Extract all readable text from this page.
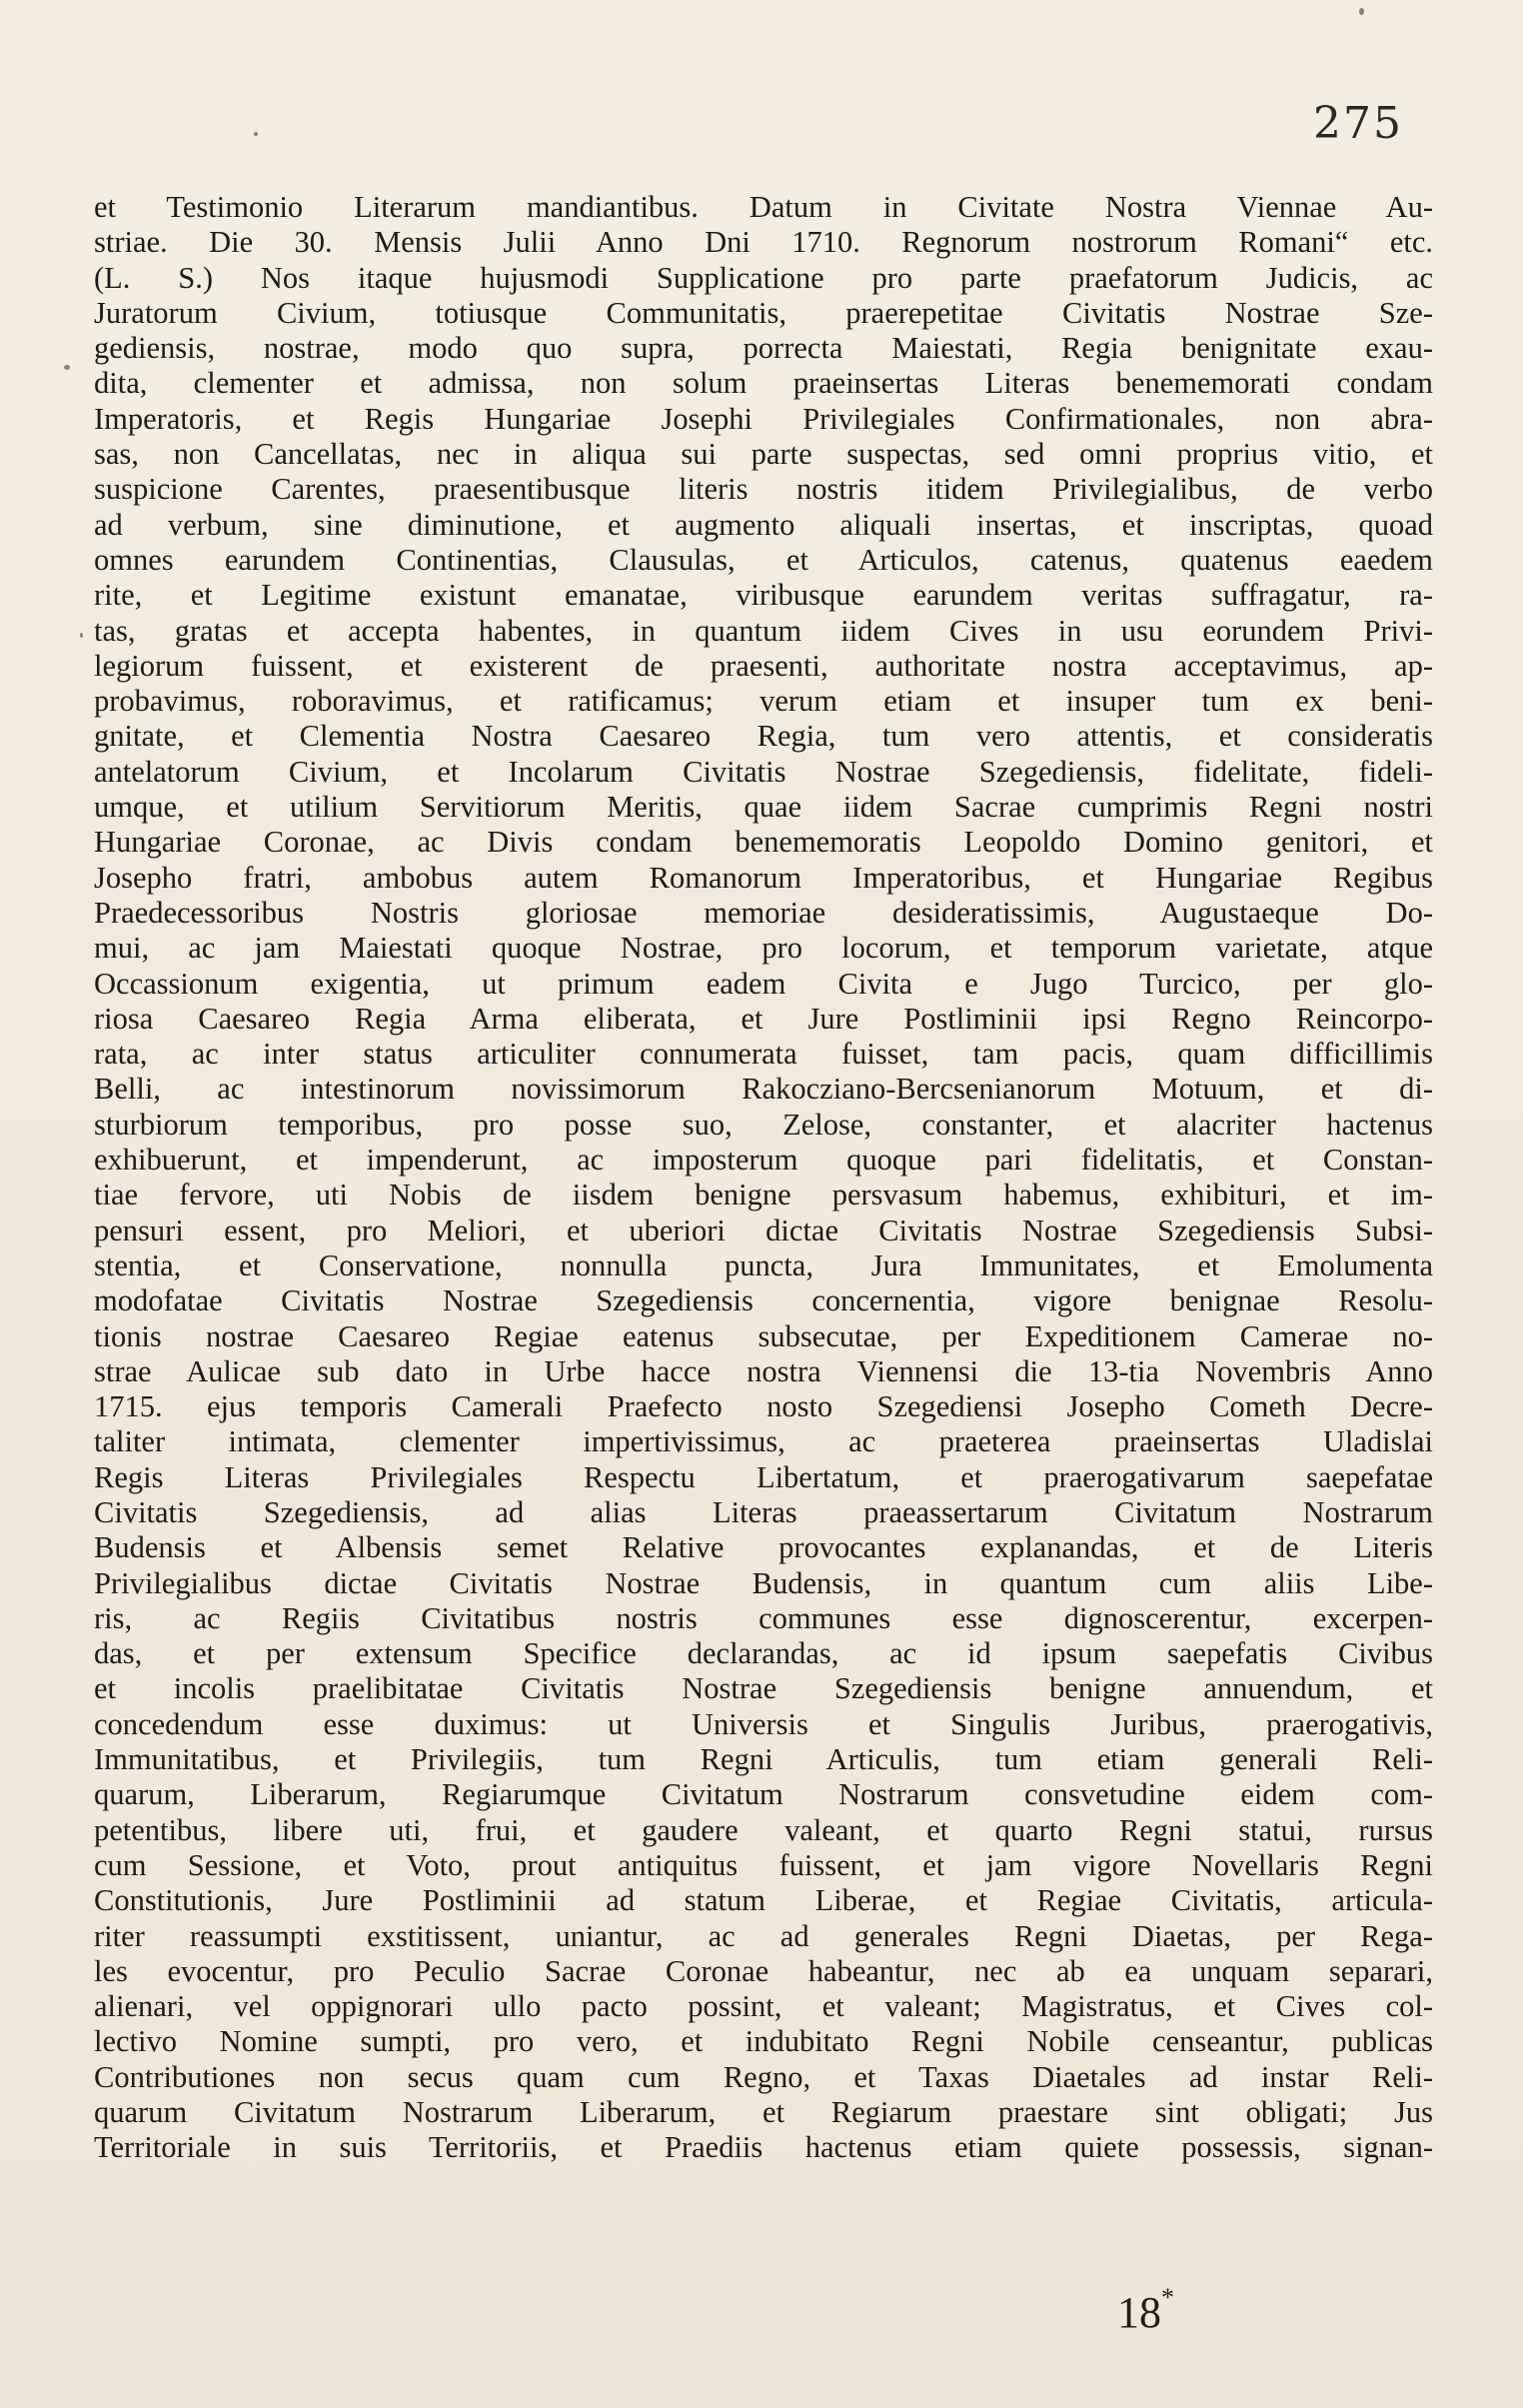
275
et Testimonio Literarum mandiantibus. Datum in Civitate Nostra Viennae Au-
striae. Die 30. Mensis Julii Anno Dni 1710. Regnorum nostrorum Romani“ etc.
(L. S.) Nos itaque hujusmodi Supplicatione pro parte praefatorum Judicis, ac
Juratorum Civium, totiusque Communitatis, praerepetitae Civitatis Nostrae Sze-
gediensis, nostrae, modo quo supra, porrecta Maiestati, Regia benignitate exau-
dita, clementer et admissa, non solum praeinsertas Literas benememorati condam
Imperatoris, et Regis Hungariae Josephi Privilegiales Confirmationales, non abra-
sas, non Cancellatas, nec in aliqua sui parte suspectas, sed omni proprius vitio, et
suspicione Carentes, praesentibusque literis nostris itidem Privilegialibus, de verbo
ad verbum, sine diminutione, et augmento aliquali insertas, et inscriptas, quoad
omnes earundem Continentias, Clausulas, et Articulos, catenus, quatenus eaedem
rite, et Legitime existunt emanatae, viribusque earundem veritas suffragatur, ra-
tas, gratas et accepta habentes, in quantum iidem Cives in usu eorundem Privi-
legiorum fuissent, et existerent de praesenti, authoritate nostra acceptavimus, ap-
probavimus, roboravimus, et ratificamus; verum etiam et insuper tum ex beni-
gnitate, et Clementia Nostra Caesareo Regia, tum vero attentis, et consideratis
antelatorum Civium, et Incolarum Civitatis Nostrae Szegediensis, fidelitate, fideli-
umque, et utilium Servitiorum Meritis, quae iidem Sacrae cumprimis Regni nostri
Hungariae Coronae, ac Divis condam benememoratis Leopoldo Domino genitori, et
Josepho fratri, ambobus autem Romanorum Imperatoribus, et Hungariae Regibus
Praedecessoribus Nostris gloriosae memoriae desideratissimis, Augustaeque Do-
mui, ac jam Maiestati quoque Nostrae, pro locorum, et temporum varietate, atque
Occassionum exigentia, ut primum eadem Civita e Jugo Turcico, per glo-
riosa Caesareo Regia Arma eliberata, et Jure Postliminii ipsi Regno Reincorpo-
rata, ac inter status articuliter connumerata fuisset, tam pacis, quam difficillimis
Belli, ac intestinorum novissimorum Rakocziano-Bercsenianorum Motuum, et di-
sturbiorum temporibus, pro posse suo, Zelose, constanter, et alacriter hactenus
exhibuerunt, et impenderunt, ac imposterum quoque pari fidelitatis, et Constan-
tiae fervore, uti Nobis de iisdem benigne persvasum habemus, exhibituri, et im-
pensuri essent, pro Meliori, et uberiori dictae Civitatis Nostrae Szegediensis Subsi-
stentia, et Conservatione, nonnulla puncta, Jura Immunitates, et Emolumenta
modofatae Civitatis Nostrae Szegediensis concernentia, vigore benignae Resolu-
tionis nostrae Caesareo Regiae eatenus subsecutae, per Expeditionem Camerae no-
strae Aulicae sub dato in Urbe hacce nostra Viennensi die 13-tia Novembris Anno
1715. ejus temporis Camerali Praefecto nosto Szegediensi Josepho Cometh Decre-
taliter intimata, clementer impertivissimus, ac praeterea praeinsertas Uladislai
Regis Literas Privilegiales Respectu Libertatum, et praerogativarum saepefatae
Civitatis Szegediensis, ad alias Literas praeassertarum Civitatum Nostrarum
Budensis et Albensis semet Relative provocantes explanandas, et de Literis
Privilegialibus dictae Civitatis Nostrae Budensis, in quantum cum aliis Libe-
ris, ac Regiis Civitatibus nostris communes esse dignoscerentur, excerpen-
das, et per extensum Specifice declarandas, ac id ipsum saepefatis Civibus
et incolis praelibitatae Civitatis Nostrae Szegediensis benigne annuendum, et
concedendum esse duximus: ut Universis et Singulis Juribus, praerogativis,
Immunitatibus, et Privilegiis, tum Regni Articulis, tum etiam generali Reli-
quarum, Liberarum, Regiarumque Civitatum Nostrarum consvetudine eidem com-
petentibus, libere uti, frui, et gaudere valeant, et quarto Regni statui, rursus
cum Sessione, et Voto, prout antiquitus fuissent, et jam vigore Novellaris Regni
Constitutionis, Jure Postliminii ad statum Liberae, et Regiae Civitatis, articula-
riter reassumpti exstitissent, uniantur, ac ad generales Regni Diaetas, per Rega-
les evocentur, pro Peculio Sacrae Coronae habeantur, nec ab ea unquam separari,
alienari, vel oppignorari ullo pacto possint, et valeant; Magistratus, et Cives col-
lectivo Nomine sumpti, pro vero, et indubitato Regni Nobile censeantur, publicas
Contributiones non secus quam cum Regno, et Taxas Diaetales ad instar Reli-
quarum Civitatum Nostrarum Liberarum, et Regiarum praestare sint obligati; Jus
Territoriale in suis Territoriis, et Praediis hactenus etiam quiete possessis, signan-
18*
